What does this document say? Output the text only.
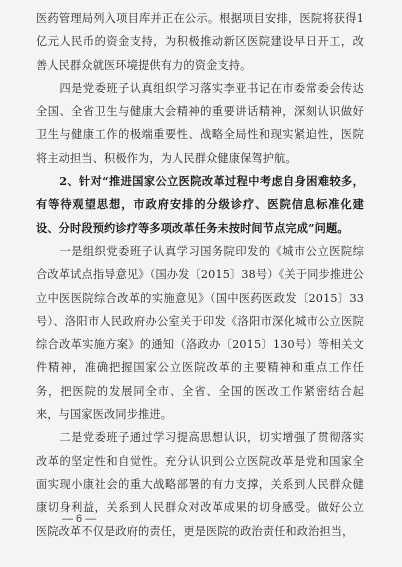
医药管理局列入项目库并正在公示。根据项目安排，医院将获得1亿元人民币的资金支持，为积极推动新区医院建设早日开工，改善人民群众就医环境提供有力的资金支持。

　　四是党委班子认真组织学习落实李亚书记在市委常委会传达全国、全省卫生与健康大会精神的重要讲话精神，深刻认识做好卫生与健康工作的极端重要性、战略全局性和现实紧迫性，医院将主动担当、积极作为，为人民群众健康保驾护航。

　　2、针对“推进国家公立医院改革过程中考虑自身困难较多，有等待观望思想，市政府安排的分级诊疗、医院信息标准化建设、分时段预约诊疗等多项改革任务未按时间节点完成”问题。

　　一是组织党委班子认真学习国务院印发的《城市公立医院综合改革试点指导意见》（国办发〔2015〕38号）《关于同步推进公立中医医院综合改革的实施意见》（国中医药医政发〔2015〕33号）、洛阳市人民政府办公室关于印发《洛阳市深化城市公立医院综合改革实施方案》的通知（洛政办〔2015〕130号）等相关文件精神，准确把握国家公立医院改革的主要精神和重点工作任务，把医院的发展同全市、全省、全国的医改工作紧密结合起来，与国家医改同步推进。

　　二是党委班子通过学习提高思想认识，切实增强了贯彻落实改革的坚定性和自觉性。充分认识到公立医院改革是党和国家全面实现小康社会的重大战略部署的有力支撑，关系到人民群众健康切身利益，关系到人民群众对改革成果的切身感受。做好公立医院改革不仅是政府的责任，更是医院的政治责任和政治担当，

— 6 —
